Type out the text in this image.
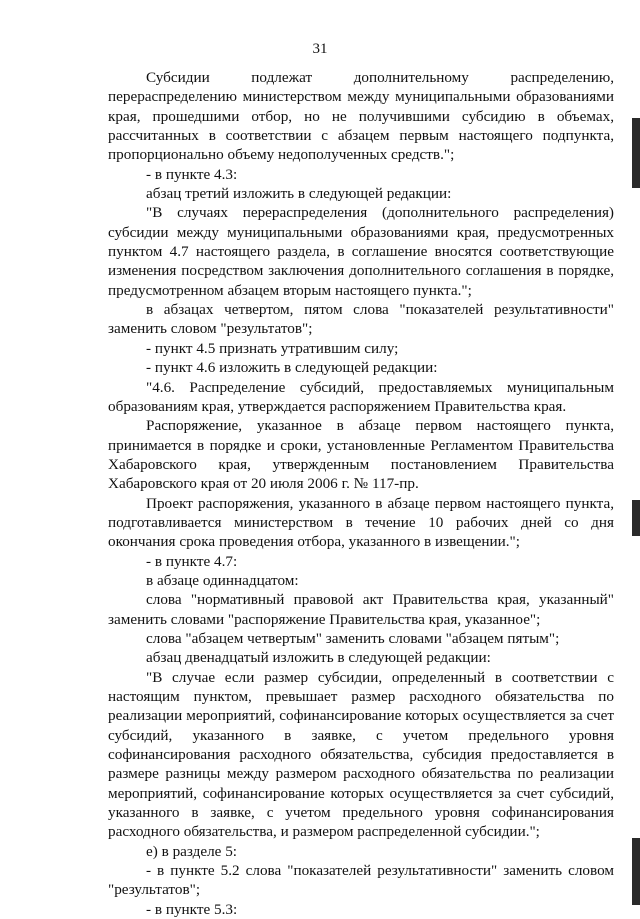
31

Субсидии подлежат дополнительному распределению, перераспределению министерством между муниципальными образованиями края, прошедшими отбор, но не получившими субсидию в объемах, рассчитанных в соответствии с абзацем первым настоящего подпункта, пропорционально объему недополученных средств.";

- в пункте 4.3:

абзац третий изложить в следующей редакции:

"В случаях перераспределения (дополнительного распределения) субсидии между муниципальными образованиями края, предусмотренных пунктом 4.7 настоящего раздела, в соглашение вносятся соответствующие изменения посредством заключения дополнительного соглашения в порядке, предусмотренном абзацем вторым настоящего пункта.";

в абзацах четвертом, пятом слова "показателей результативности" заменить словом "результатов";

- пункт 4.5 признать утратившим силу;

- пункт 4.6 изложить в следующей редакции:

"4.6. Распределение субсидий, предоставляемых муниципальным образованиям края, утверждается распоряжением Правительства края.

Распоряжение, указанное в абзаце первом настоящего пункта, принимается в порядке и сроки, установленные Регламентом Правительства Хабаровского края, утвержденным постановлением Правительства Хабаровского края от 20 июля 2006 г. № 117-пр.

Проект распоряжения, указанного в абзаце первом настоящего пункта, подготавливается министерством в течение 10 рабочих дней со дня окончания срока проведения отбора, указанного в извещении.";

- в пункте 4.7:

в абзаце одиннадцатом:

слова "нормативный правовой акт Правительства края, указанный" заменить словами "распоряжение Правительства края, указанное";

слова "абзацем четвертым" заменить словами "абзацем пятым";

абзац двенадцатый изложить в следующей редакции:

"В случае если размер субсидии, определенный в соответствии с настоящим пунктом, превышает размер расходного обязательства по реализации мероприятий, софинансирование которых осуществляется за счет субсидий, указанного в заявке, с учетом предельного уровня софинансирования расходного обязательства, субсидия предоставляется в размере разницы между размером расходного обязательства по реализации мероприятий, софинансирование которых осуществляется за счет субсидий, указанного в заявке, с учетом предельного уровня софинансирования расходного обязательства, и размером распределенной субсидии.";

е) в разделе 5:

- в пункте 5.2 слова "показателей результативности" заменить словом "результатов";

- в пункте 5.3:
